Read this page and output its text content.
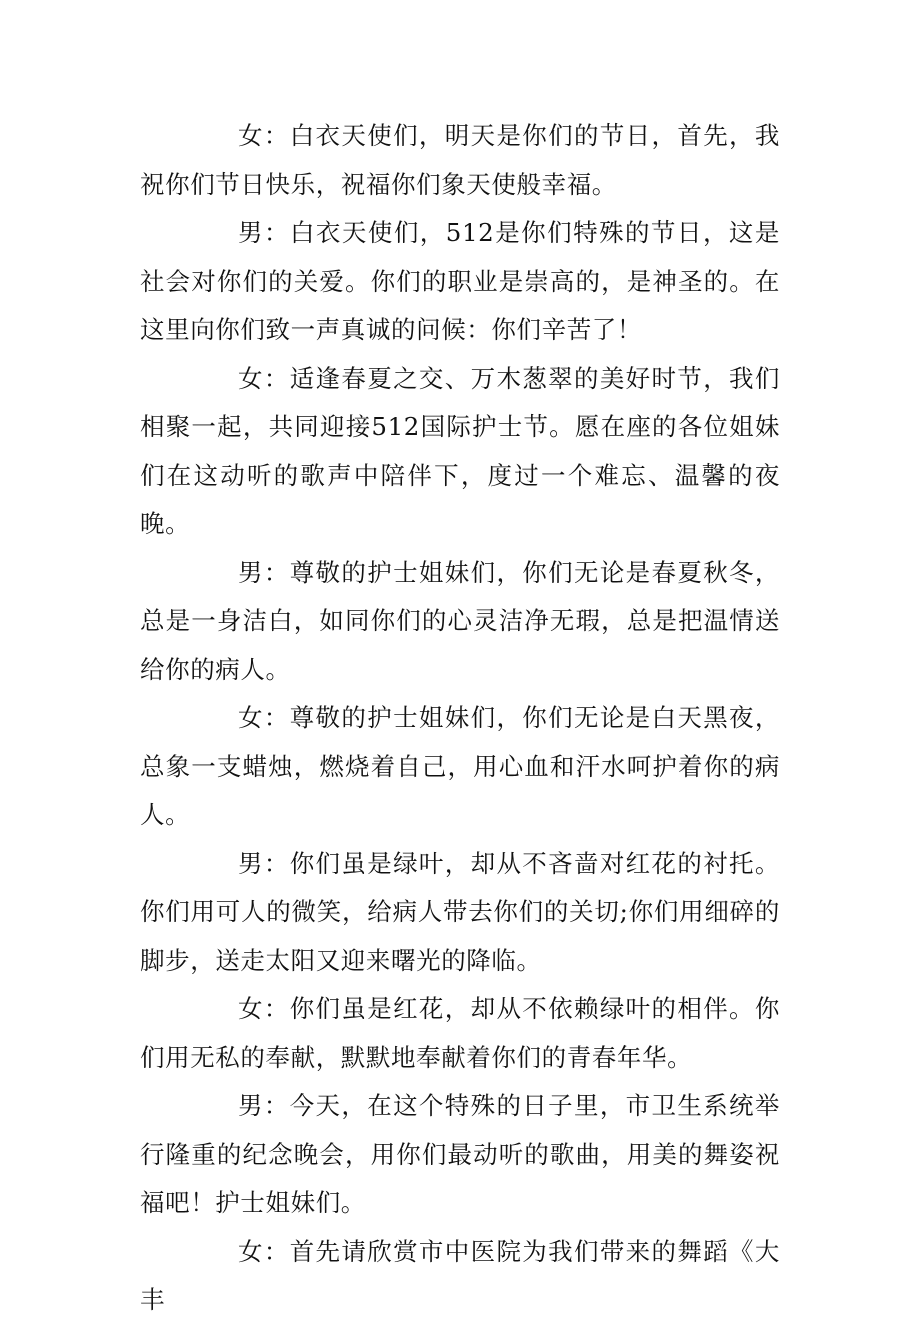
女：白衣天使们，明天是你们的节日，首先，我祝你们节日快乐，祝福你们象天使般幸福。

男：白衣天使们，512是你们特殊的节日，这是社会对你们的关爱。你们的职业是崇高的，是神圣的。在这里向你们致一声真诚的问候：你们辛苦了！

女：适逢春夏之交、万木葱翠的美好时节，我们相聚一起，共同迎接512国际护士节。愿在座的各位姐妹们在这动听的歌声中陪伴下，度过一个难忘、温馨的夜晚。

男：尊敬的护士姐妹们，你们无论是春夏秋冬，总是一身洁白，如同你们的心灵洁净无瑕，总是把温情送给你的病人。

女：尊敬的护士姐妹们，你们无论是白天黑夜，总象一支蜡烛，燃烧着自己，用心血和汗水呵护着你的病人。

男：你们虽是绿叶，却从不吝啬对红花的衬托。你们用可人的微笑，给病人带去你们的关切;你们用细碎的脚步，送走太阳又迎来曙光的降临。

女：你们虽是红花，却从不依赖绿叶的相伴。你们用无私的奉献，默默地奉献着你们的青春年华。

男：今天，在这个特殊的日子里，市卫生系统举行隆重的纪念晚会，用你们最动听的歌曲，用美的舞姿祝福吧！护士姐妹们。

女：首先请欣赏市中医院为我们带来的舞蹈《大丰
